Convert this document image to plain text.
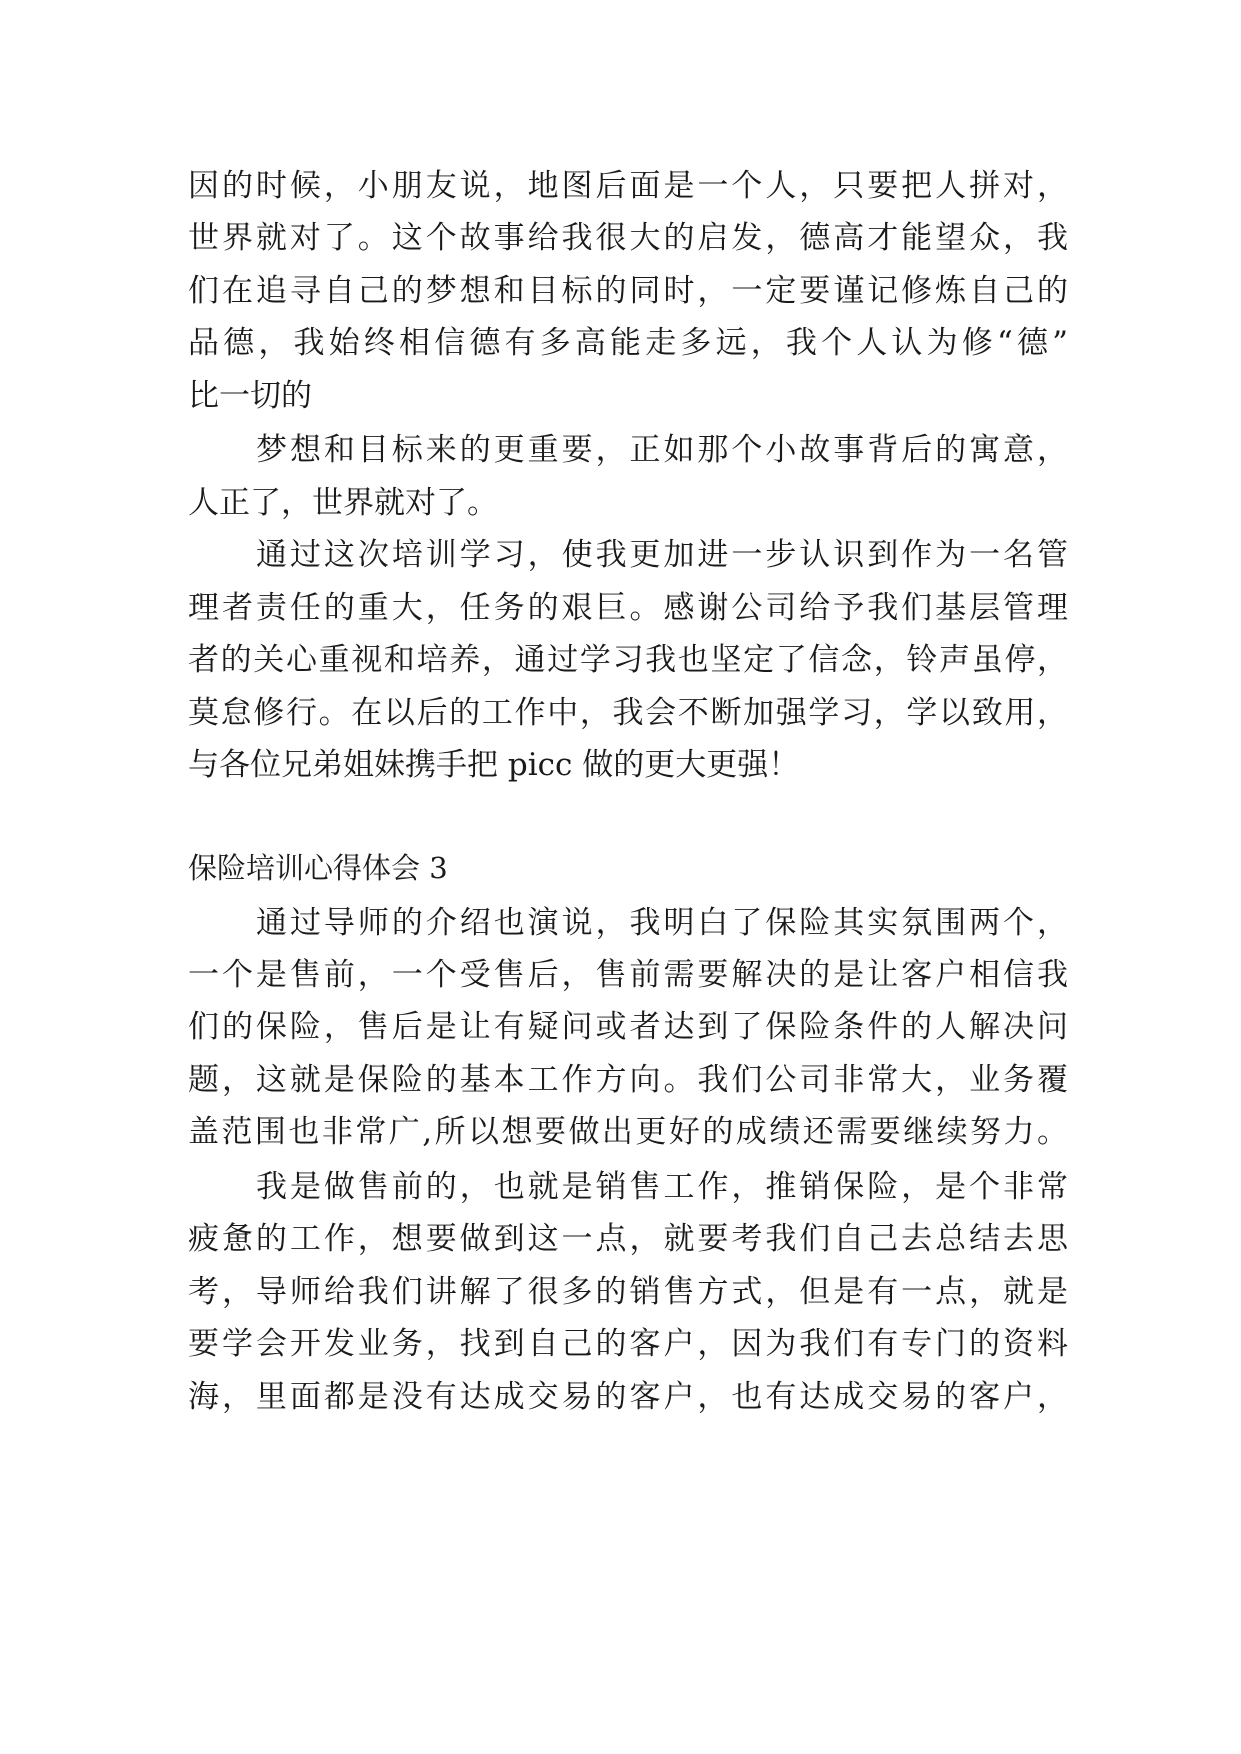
因的时候，小朋友说，地图后面是一个人，只要把人拼对，
世界就对了。这个故事给我很大的启发，德高才能望众，我
们在追寻自己的梦想和目标的同时，一定要谨记修炼自己的
品德，我始终相信德有多高能走多远，我个人认为修“德”
比一切的
梦想和目标来的更重要，正如那个小故事背后的寓意，
人正了，世界就对了。
通过这次培训学习，使我更加进一步认识到作为一名管
理者责任的重大，任务的艰巨。感谢公司给予我们基层管理
者的关心重视和培养，通过学习我也坚定了信念，铃声虽停，
莫怠修行。在以后的工作中，我会不断加强学习，学以致用，
与各位兄弟姐妹携手把 picc 做的更大更强！
保险培训心得体会 3
通过导师的介绍也演说，我明白了保险其实氛围两个，
一个是售前，一个受售后，售前需要解决的是让客户相信我
们的保险，售后是让有疑问或者达到了保险条件的人解决问
题，这就是保险的基本工作方向。我们公司非常大，业务覆
盖范围也非常广,所以想要做出更好的成绩还需要继续努力。
我是做售前的，也就是销售工作，推销保险，是个非常
疲惫的工作，想要做到这一点，就要考我们自己去总结去思
考，导师给我们讲解了很多的销售方式，但是有一点，就是
要学会开发业务，找到自己的客户，因为我们有专门的资料
海，里面都是没有达成交易的客户，也有达成交易的客户，
